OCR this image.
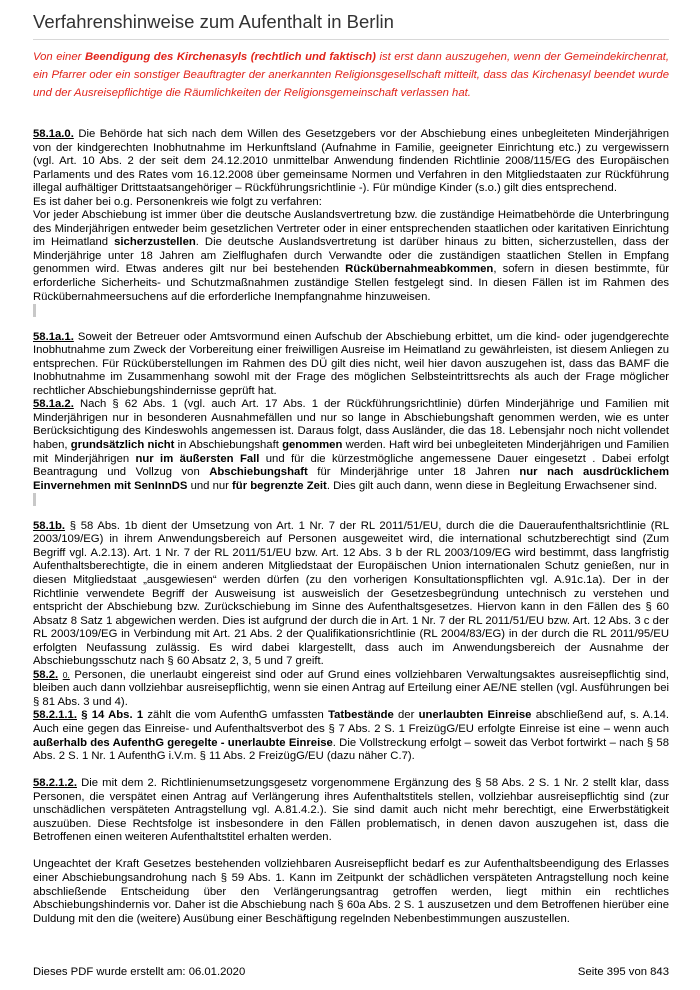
Verfahrenshinweise zum Aufenthalt in Berlin
Von einer Beendigung des Kirchenasyls (rechtlich und faktisch) ist erst dann auszugehen, wenn der Gemeindekirchenrat, ein Pfarrer oder ein sonstiger Beauftragter der anerkannten Religionsgesellschaft mitteilt, dass das Kirchenasyl beendet wurde und der Ausreisepflichtige die Räumlichkeiten der Religionsgemeinschaft verlassen hat.

58.1a.0. Die Behörde hat sich nach dem Willen des Gesetzgebers vor der Abschiebung eines unbegleiteten Minderjährigen von der kindgerechten Inobhutnahme im Herkunftsland (Aufnahme in Familie, geeigneter Einrichtung etc.) zu vergewissern (vgl. Art. 10 Abs. 2 der seit dem 24.12.2010 unmittelbar Anwendung findenden Richtlinie 2008/115/EG des Europäischen Parlaments und des Rates vom 16.12.2008 über gemeinsame Normen und Verfahren in den Mitgliedstaaten zur Rückführung illegal aufhältiger Drittstaatsangehöriger – Rückführungsrichtlinie -). Für mündige Kinder (s.o.) gilt dies entsprechend.

Es ist daher bei o.g. Personenkreis wie folgt zu verfahren:

Vor jeder Abschiebung ist immer über die deutsche Auslandsvertretung bzw. die zuständige Heimatbehörde die Unterbringung des Minderjährigen entweder beim gesetzlichen Vertreter oder in einer entsprechenden staatlichen oder karitativen Einrichtung im Heimatland sicherzustellen. Die deutsche Auslandsvertretung ist darüber hinaus zu bitten, sicherzustellen, dass der Minderjährige unter 18 Jahren am Zielflughafen durch Verwandte oder die zuständigen staatlichen Stellen in Empfang genommen wird. Etwas anderes gilt nur bei bestehenden Rückübernahmeabkommen, sofern in diesen bestimmte, für erforderliche Sicherheits- und Schutzmaßnahmen zuständige Stellen festgelegt sind. In diesen Fällen ist im Rahmen des Rückübernahmeersuchens auf die erforderliche Inempfangnahme hinzuweisen.

58.1a.1. Soweit der Betreuer oder Amtsvormund einen Aufschub der Abschiebung erbittet, um die kind- oder jugendgerechte Inobhutnahme zum Zweck der Vorbereitung einer freiwilligen Ausreise im Heimatland zu gewährleisten, ist diesem Anliegen zu entsprechen. Für Rücküberstellungen im Rahmen des DÜ gilt dies nicht, weil hier davon auszugehen ist, dass das BAMF die Inobhutnahme im Zusammenhang sowohl mit der Frage des möglichen Selbsteintrittsrechts als auch der Frage möglicher rechtlicher Abschiebungshindernisse geprüft hat.

58.1a.2. Nach § 62 Abs. 1 (vgl. auch Art. 17 Abs. 1 der Rückführungsrichtlinie) dürfen Minderjährige und Familien mit Minderjährigen nur in besonderen Ausnahmefällen und nur so lange in Abschiebungshaft genommen werden, wie es unter Berücksichtigung des Kindeswohls angemessen ist. Daraus folgt, dass Ausländer, die das 18. Lebensjahr noch nicht vollendet haben, grundsätzlich nicht in Abschiebungshaft genommen werden. Haft wird bei unbegleiteten Minderjährigen und Familien mit Minderjährigen nur im äußersten Fall und für die kürzestmögliche angemessene Dauer eingesetzt . Dabei erfolgt Beantragung und Vollzug von Abschiebungshaft für Minderjährige unter 18 Jahren nur nach ausdrücklichem Einvernehmen mit SenInnDS und nur für begrenzte Zeit. Dies gilt auch dann, wenn diese in Begleitung Erwachsener sind.

58.1b. § 58 Abs. 1b dient der Umsetzung von Art. 1 Nr. 7 der RL 2011/51/EU, durch die die Daueraufenthaltsrichtlinie (RL 2003/109/EG) in ihrem Anwendungsbereich auf Personen ausgeweitet wird, die international schutzberechtigt sind (Zum Begriff vgl. A.2.13). Art. 1 Nr. 7 der RL 2011/51/EU bzw. Art. 12 Abs. 3 b der RL 2003/109/EG wird bestimmt, dass langfristig Aufenthaltsberechtigte, die in einem anderen Mitgliedstaat der Europäischen Union internationalen Schutz genießen, nur in diesen Mitgliedstaat „ausgewiesen“ werden dürfen (zu den vorherigen Konsultationspflichten vgl. A.91c.1a). Der in der Richtlinie verwendete Begriff der Ausweisung ist ausweislich der Gesetzesbegründung untechnisch zu verstehen und entspricht der Abschiebung bzw. Zurückschiebung im Sinne des Aufenthaltsgesetzes. Hiervon kann in den Fällen des § 60 Absatz 8 Satz 1 abgewichen werden. Dies ist aufgrund der durch die in Art. 1 Nr. 7 der RL 2011/51/EU bzw. Art. 12 Abs. 3 c der RL 2003/109/EG in Verbindung mit Art. 21 Abs. 2 der Qualifikationsrichtlinie (RL 2004/83/EG) in der durch die RL 2011/95/EU erfolgten Neufassung zulässig. Es wird dabei klargestellt, dass auch im Anwendungsbereich der Ausnahme der Abschiebungsschutz nach § 60 Absatz 2, 3, 5 und 7 greift.

58.2. 0. Personen, die unerlaubt eingereist sind oder auf Grund eines vollziehbaren Verwaltungsaktes ausreisepflichtig sind, bleiben auch dann vollziehbar ausreisepflichtig, wenn sie einen Antrag auf Erteilung einer AE/NE stellen (vgl. Ausführungen bei § 81 Abs. 3 und 4).

58.2.1.1. § 14 Abs. 1 zählt die vom AufenthG umfassten Tatbestände der unerlaubten Einreise abschließend auf, s. A.14. Auch eine gegen das Einreise- und Aufenthaltsverbot des § 7 Abs. 2 S. 1 FreizügG/EU erfolgte Einreise ist eine – wenn auch außerhalb des AufenthG geregelte - unerlaubte Einreise. Die Vollstreckung erfolgt – soweit das Verbot fortwirkt – nach § 58 Abs. 2 S. 1 Nr. 1 AufenthG i.V.m. § 11 Abs. 2 FreizügG/EU (dazu näher C.7).

58.2.1.2. Die mit dem 2. Richtlinienumsetzungsgesetz vorgenommene Ergänzung des § 58 Abs. 2 S. 1 Nr. 2 stellt klar, dass Personen, die verspätet einen Antrag auf Verlängerung ihres Aufenthaltstitels stellen, vollziehbar ausreisepflichtig sind (zur unschädlichen verspäteten Antragstellung vgl. A.81.4.2.). Sie sind damit auch nicht mehr berechtigt, eine Erwerbstätigkeit auszuüben. Diese Rechtsfolge ist insbesondere in den Fällen problematisch, in denen davon auszugehen ist, dass die Betroffenen einen weiteren Aufenthaltstitel erhalten werden.

Ungeachtet der Kraft Gesetzes bestehenden vollziehbaren Ausreisepflicht bedarf es zur Aufenthaltsbeendigung des Erlasses einer Abschiebungsandrohung nach § 59 Abs. 1. Kann im Zeitpunkt der schädlichen verspäteten Antragstellung noch keine abschließende Entscheidung über den Verlängerungsantrag getroffen werden, liegt mithin ein rechtliches Abschiebungshindernis vor. Daher ist die Abschiebung nach § 60a Abs. 2 S. 1 auszusetzen und dem Betroffenen hierüber eine Duldung mit den die (weitere) Ausübung einer Beschäftigung regelnden Nebenbestimmungen auszustellen.

Dieses PDF wurde erstellt am: 06.01.2020	Seite 395 von 843
